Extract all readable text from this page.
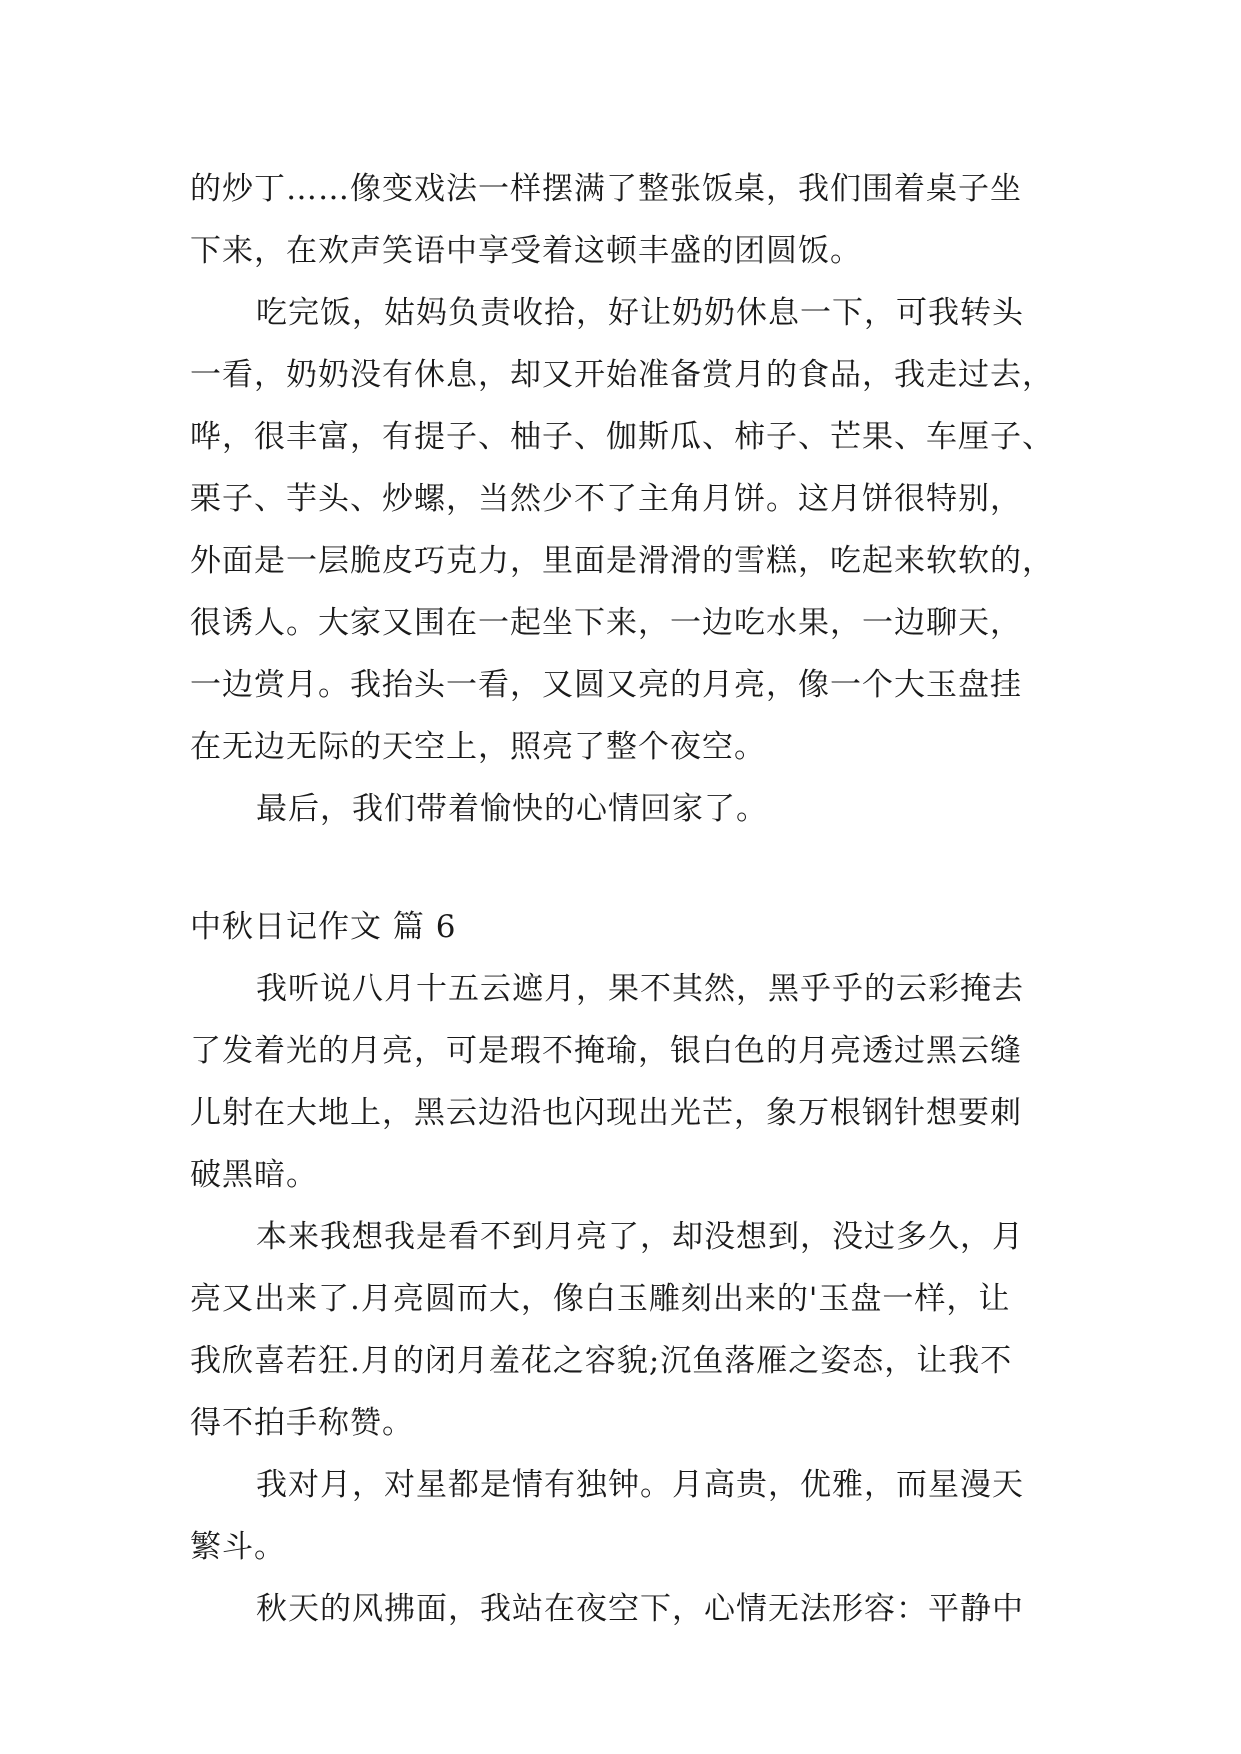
的炒丁……像变戏法一样摆满了整张饭桌，我们围着桌子坐
下来，在欢声笑语中享受着这顿丰盛的团圆饭。
吃完饭，姑妈负责收拾，好让奶奶休息一下，可我转头
一看，奶奶没有休息，却又开始准备赏月的食品，我走过去，
哗，很丰富，有提子、柚子、伽斯瓜、柿子、芒果、车厘子、
栗子、芋头、炒螺，当然少不了主角月饼。这月饼很特别，
外面是一层脆皮巧克力，里面是滑滑的雪糕，吃起来软软的，
很诱人。大家又围在一起坐下来，一边吃水果，一边聊天，
一边赏月。我抬头一看，又圆又亮的月亮，像一个大玉盘挂
在无边无际的天空上，照亮了整个夜空。
最后，我们带着愉快的心情回家了。
中秋日记作文 篇 6
我听说八月十五云遮月，果不其然，黑乎乎的云彩掩去
了发着光的月亮，可是瑕不掩瑜，银白色的月亮透过黑云缝
儿射在大地上，黑云边沿也闪现出光芒，象万根钢针想要刺
破黑暗。
本来我想我是看不到月亮了，却没想到，没过多久，月
亮又出来了.月亮圆而大，像白玉雕刻出来的'玉盘一样，让
我欣喜若狂.月的闭月羞花之容貌;沉鱼落雁之姿态，让我不
得不拍手称赞。
我对月，对星都是情有独钟。月高贵，优雅，而星漫天
繁斗。
秋天的风拂面，我站在夜空下，心情无法形容：平静中
